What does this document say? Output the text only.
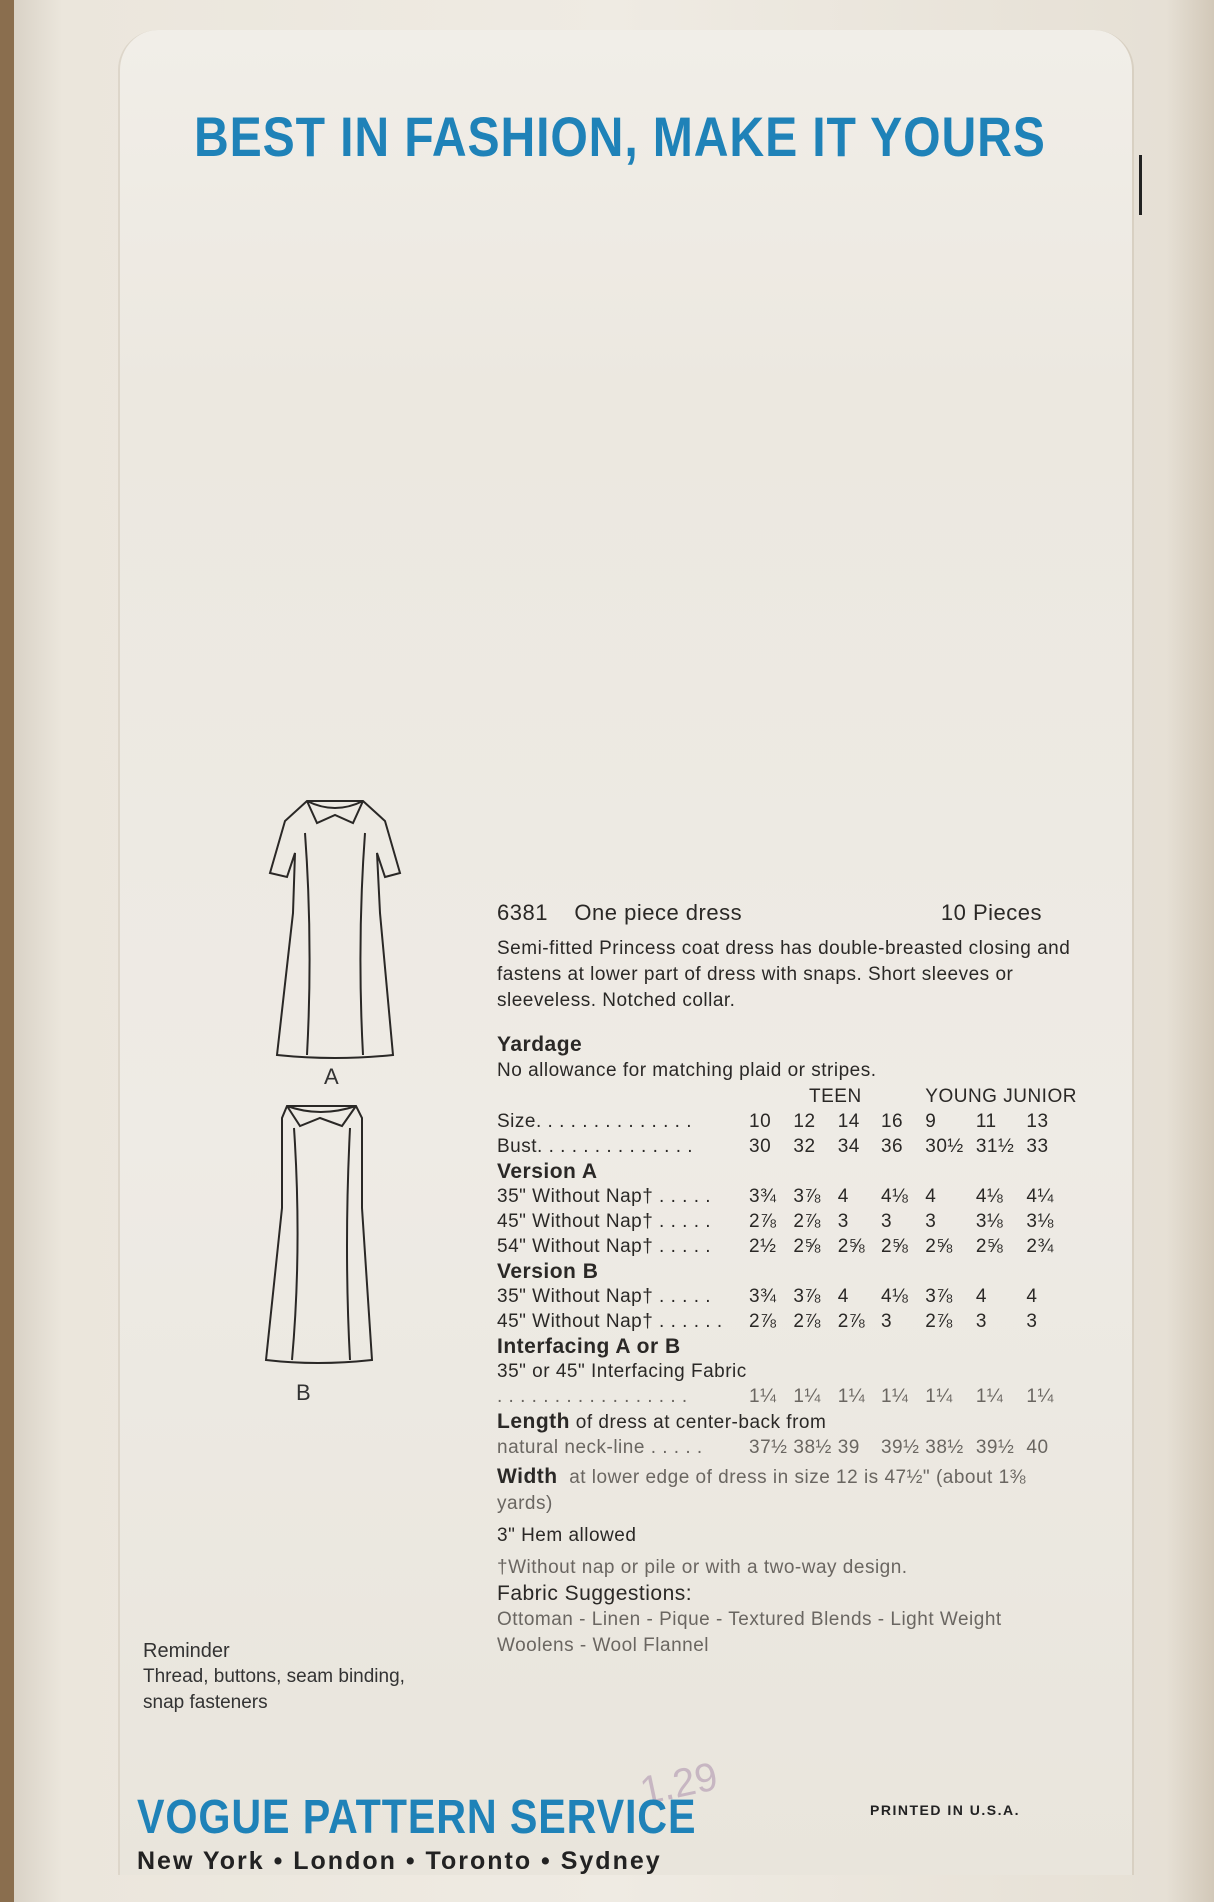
BEST IN FASHION, MAKE IT YOURS
A
B
6381 One piece dress	10 Pieces
Semi-fitted Princess coat dress has double-breasted closing and fastens at lower part of dress with snaps. Short sleeves or sleeveless. Notched collar.
Yardage
No allowance for matching plaid or stripes.
	TEEN				YOUNG JUNIOR		
Size. . . . . . . . . . . . . .	10	12	14	16	9	11	13
Bust. . . . . . . . . . . . . .	30	32	34	36	30½	31½	33
Version A							
35" Without Nap† . . . . .	3¾	3⅞	4	4⅛	4	4⅛	4¼
45" Without Nap† . . . . .	2⅞	2⅞	3	3	3	3⅛	3⅛
54" Without Nap† . . . . .	2½	2⅝	2⅝	2⅝	2⅝	2⅝	2¾
Version B							
35" Without Nap† . . . . .	3¾	3⅞	4	4⅛	3⅞	4	4
45" Without Nap† . . . . . .	2⅞	2⅞	2⅞	3	2⅞	3	3
Interfacing A or B							
35" or 45" Interfacing Fabric							
. . . . . . . . . . . . . . . . .	1¼	1¼	1¼	1¼	1¼	1¼	1¼
Length of dress at center-back from							
natural neck-line . . . . .	37½	38½	39	39½	38½	39½	40
Width at lower edge of dress in size 12 is 47½" (about 1⅜ yards)
3" Hem allowed
†Without nap or pile or with a two-way design.
Fabric Suggestions:
Ottoman - Linen - Pique - Textured Blends - Light Weight Woolens - Wool Flannel
Reminder
Thread, buttons, seam binding, snap fasteners
1.29
VOGUE PATTERN SERVICE
New York • London • Toronto • Sydney
PRINTED IN U.S.A.
